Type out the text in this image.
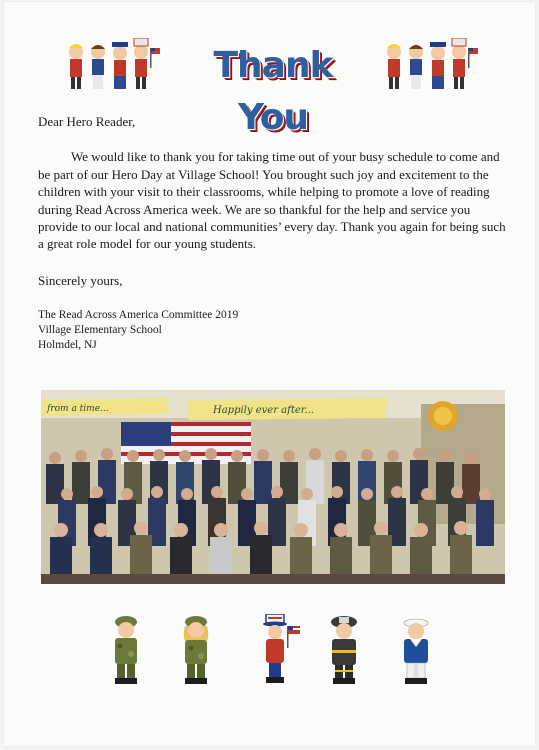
Thank You

Dear Hero Reader,

We would like to thank you for taking time out of your busy schedule to come and be part of our Hero Day at Village School! You brought such joy and excitement to the children with your visit to their classrooms, while helping to promote a love of reading during Read Across America week. We are so thankful for the help and service you provide to our local and national communities’ every day. Thank you again for being such a great role model for our young students.

Sincerely yours,

The Read Across America Committee 2019
Village Elementary School
Holmdel, NJ
from a time...	Happily ever after...
